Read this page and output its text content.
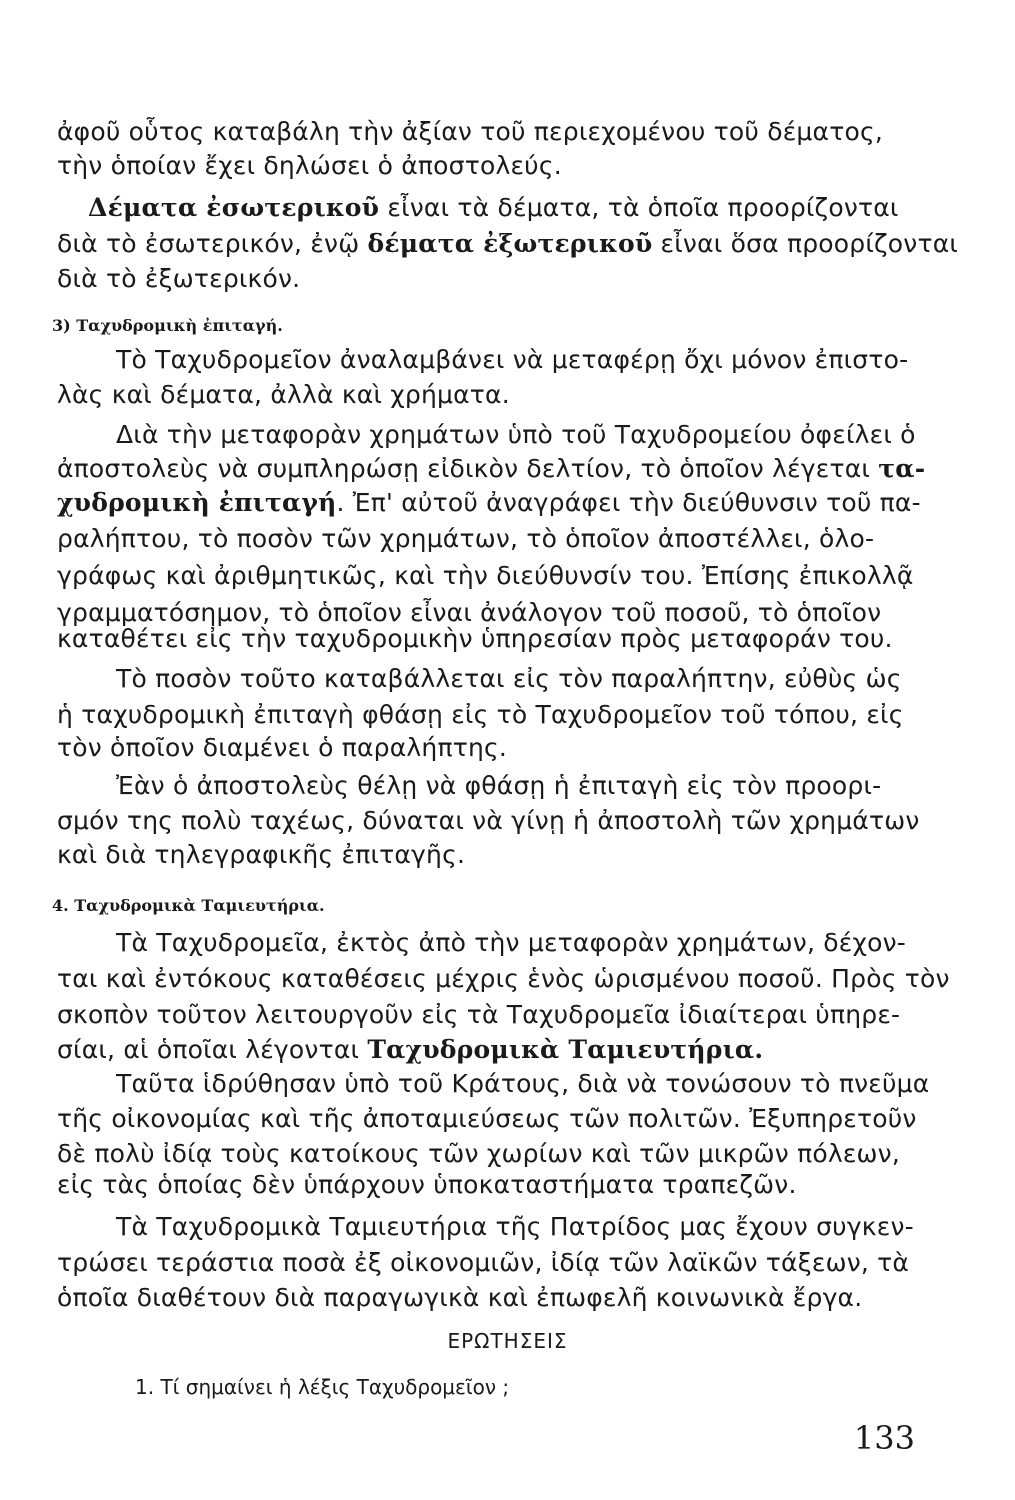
ἀφοῦ οὗτος καταβάλη τὴν ἀξίαν τοῦ περιεχομένου τοῦ δέματος,
τὴν ὁποίαν ἔχει δηλώσει ὁ ἀποστολεύς.
Δέματα ἐσωτερικοῦ εἶναι τὰ δέματα, τὰ ὁποῖα προορίζονται
διὰ τὸ ἐσωτερικόν, ἐνῷ δέματα ἐξωτερικοῦ εἶναι ὅσα προορίζονται
διὰ τὸ ἐξωτερικόν.
3) Ταχυδρομικὴ ἐπιταγή.
Τὸ Ταχυδρομεῖον ἀναλαμβάνει νὰ μεταφέρῃ ὄχι μόνον ἐπιστο-
λὰς καὶ δέματα, ἀλλὰ καὶ χρήματα.
Διὰ τὴν μεταφορὰν χρημάτων ὑπὸ τοῦ Ταχυδρομείου ὀφείλει ὁ
ἀποστολεὺς νὰ συμπληρώσῃ εἰδικὸν δελτίον, τὸ ὁποῖον λέγεται τα-
χυδρομικὴ ἐπιταγή. Ἐπ' αὐτοῦ ἀναγράφει τὴν διεύθυνσιν τοῦ πα-
ραλήπτου, τὸ ποσὸν τῶν χρημάτων, τὸ ὁποῖον ἀποστέλλει, ὁλο-
γράφως καὶ ἀριθμητικῶς, καὶ τὴν διεύθυνσίν του. Ἐπίσης ἐπικολλᾷ
γραμματόσημον, τὸ ὁποῖον εἶναι ἀνάλογον τοῦ ποσοῦ, τὸ ὁποῖον
καταθέτει εἰς τὴν ταχυδρομικὴν ὑπηρεσίαν πρὸς μεταφοράν του.
Τὸ ποσὸν τοῦτο καταβάλλεται εἰς τὸν παραλήπτην, εὐθὺς ὡς
ἡ ταχυδρομικὴ ἐπιταγὴ φθάσῃ εἰς τὸ Ταχυδρομεῖον τοῦ τόπου, εἰς
τὸν ὁποῖον διαμένει ὁ παραλήπτης.
Ἐὰν ὁ ἀποστολεὺς θέλῃ νὰ φθάσῃ ἡ ἐπιταγὴ εἰς τὸν προορι-
σμόν της πολὺ ταχέως, δύναται νὰ γίνῃ ἡ ἀποστολὴ τῶν χρημάτων
καὶ διὰ τηλεγραφικῆς ἐπιταγῆς.
4. Ταχυδρομικὰ Ταμιευτήρια.
Τὰ Ταχυδρομεῖα, ἐκτὸς ἀπὸ τὴν μεταφορὰν χρημάτων, δέχον-
ται καὶ ἐντόκους καταθέσεις μέχρις ἑνὸς ὡρισμένου ποσοῦ. Πρὸς τὸν
σκοπὸν τοῦτον λειτουργοῦν εἰς τὰ Ταχυδρομεῖα ἰδιαίτεραι ὑπηρε-
σίαι, αἱ ὁποῖαι λέγονται Ταχυδρομικὰ Ταμιευτήρια.
Ταῦτα ἱδρύθησαν ὑπὸ τοῦ Κράτους, διὰ νὰ τονώσουν τὸ πνεῦμα
τῆς οἰκονομίας καὶ τῆς ἀποταμιεύσεως τῶν πολιτῶν. Ἐξυπηρετοῦν
δὲ πολὺ ἰδίᾳ τοὺς κατοίκους τῶν χωρίων καὶ τῶν μικρῶν πόλεων,
εἰς τὰς ὁποίας δὲν ὑπάρχουν ὑποκαταστήματα τραπεζῶν.
Τὰ Ταχυδρομικὰ Ταμιευτήρια τῆς Πατρίδος μας ἔχουν συγκεν-
τρώσει τεράστια ποσὰ ἐξ οἰκονομιῶν, ἰδίᾳ τῶν λαϊκῶν τάξεων, τὰ
ὁποῖα διαθέτουν διὰ παραγωγικὰ καὶ ἐπωφελῆ κοινωνικὰ ἔργα.
ΕΡΩΤΗΣΕΙΣ
1. Τί σημαίνει ἡ λέξις Ταχυδρομεῖον ;
133
